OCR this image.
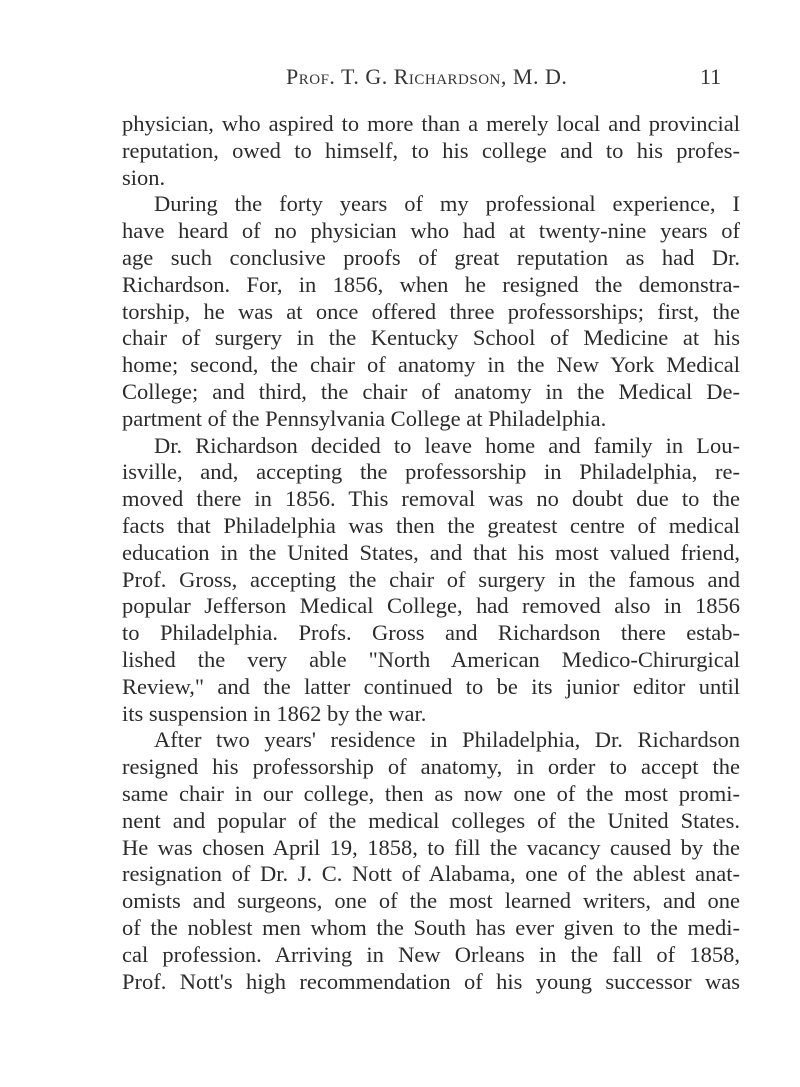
Prof. T. G. Richardson, M. D.	11
physician, who aspired to more than a merely local and provincial
reputation, owed to himself, to his college and to his profes-
sion.
During the forty years of my professional experience, I
have heard of no physician who had at twenty-nine years of
age such conclusive proofs of great reputation as had Dr.
Richardson. For, in 1856, when he resigned the demonstra-
torship, he was at once offered three professorships; first, the
chair of surgery in the Kentucky School of Medicine at his
home; second, the chair of anatomy in the New York Medical
College; and third, the chair of anatomy in the Medical De-
partment of the Pennsylvania College at Philadelphia.
Dr. Richardson decided to leave home and family in Lou-
isville, and, accepting the professorship in Philadelphia, re-
moved there in 1856. This removal was no doubt due to the
facts that Philadelphia was then the greatest centre of medical
education in the United States, and that his most valued friend,
Prof. Gross, accepting the chair of surgery in the famous and
popular Jefferson Medical College, had removed also in 1856
to Philadelphia. Profs. Gross and Richardson there estab-
lished the very able "North American Medico-Chirurgical
Review," and the latter continued to be its junior editor until
its suspension in 1862 by the war.
After two years' residence in Philadelphia, Dr. Richardson
resigned his professorship of anatomy, in order to accept the
same chair in our college, then as now one of the most promi-
nent and popular of the medical colleges of the United States.
He was chosen April 19, 1858, to fill the vacancy caused by the
resignation of Dr. J. C. Nott of Alabama, one of the ablest anat-
omists and surgeons, one of the most learned writers, and one
of the noblest men whom the South has ever given to the medi-
cal profession. Arriving in New Orleans in the fall of 1858,
Prof. Nott's high recommendation of his young successor was
